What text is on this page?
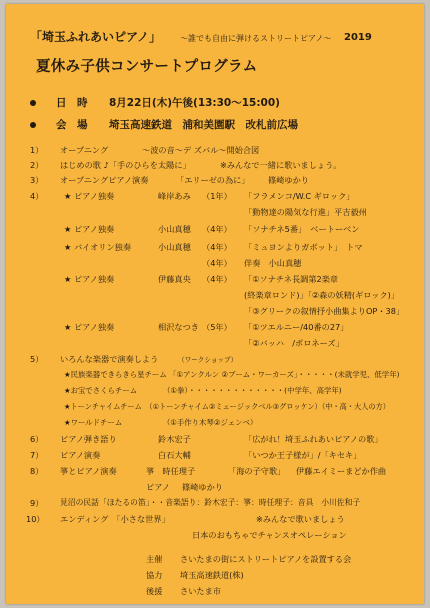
「埼玉ふれあいピアノ」 ～誰でも自由に弾けるストリートピアノ～ 2019
夏休み子供コンサートプログラム
日　時 8月22日(木)午後(13:30～15:00)
会　場 埼玉高速鉄道　浦和美園駅　改札前広場
1） オープニング	～波の音～デ ズバル～開始合図
2） はじめの歌 ♪「手のひらを太陽に」	※みんなで一緒に歌いましょう。
3） オープニングピアノ演奏	「エリーゼの為に」 篠崎ゆかり
4）	★ ピアノ独奏	峰岸あみ （1年） 「フラメンコ/W.C ギロック」
「動物達の陽気な行進」平吉毅州
★ ピアノ独奏	小山真穂 （4年） 「ソナチネ5番」　ベートーベン
★ バイオリン独奏	小山真穂 （4年） 「ミュヨンよりガボット」　トマ
（4年） 伴奏　小山真穂
★ ピアノ独奏	伊藤真央 （4年） 「①ソナチネ長調第2楽章
(終楽章ロンド)」「②森の妖精(ギロック)」
「③グリークの叙情抒小曲集よりOP・38」
★ ピアノ独奏	相沢なつき （5年） 「①ツエルニー/40番の27」
「②バッハ　/ポロネーズ」
5） いろんな楽器で演奏しよう	（ワークショップ）
★民族楽器できらきら星チーム 「①アンクルン ②ブーム・ワーカーズ」・・・・・(未就学児、低学年)
★お宝でさくらチーム　　　　（①拳）・・・・・・・・・・・・・(中学年、高学年)
★トーンチャイムチーム　（①トーンチャイム②ミュージックベル③グロッケン）（中・高・大人の方）
★ワールドチーム　　　　　　（①手作り木琴②ジェンベ）
6） ピアノ弾き語り	鈴木宏子	「広がれ！埼玉ふれあいピアノの歌」
7） ピアノ演奏	白石大輔	「いつか王子様が」/「キセキ」
8） 箏とピアノ演奏	箏　時任理子	「海の子守歌」 伊藤エイミーまどか作曲
ピアノ 篠崎ゆかり
9） 見沼の民話「ほたるの笛」・・音楽語り：鈴木宏子：箏：時任理子：音具　小川佐和子
10） エンディング　「小さな世界」	※みんなで歌いましょう
日本のおもちゃでチャンスオペレーション
主催 さいたまの街にストリートピアノを設置する会
協力 埼玉高速鉄道(株)
後援 さいたま市
